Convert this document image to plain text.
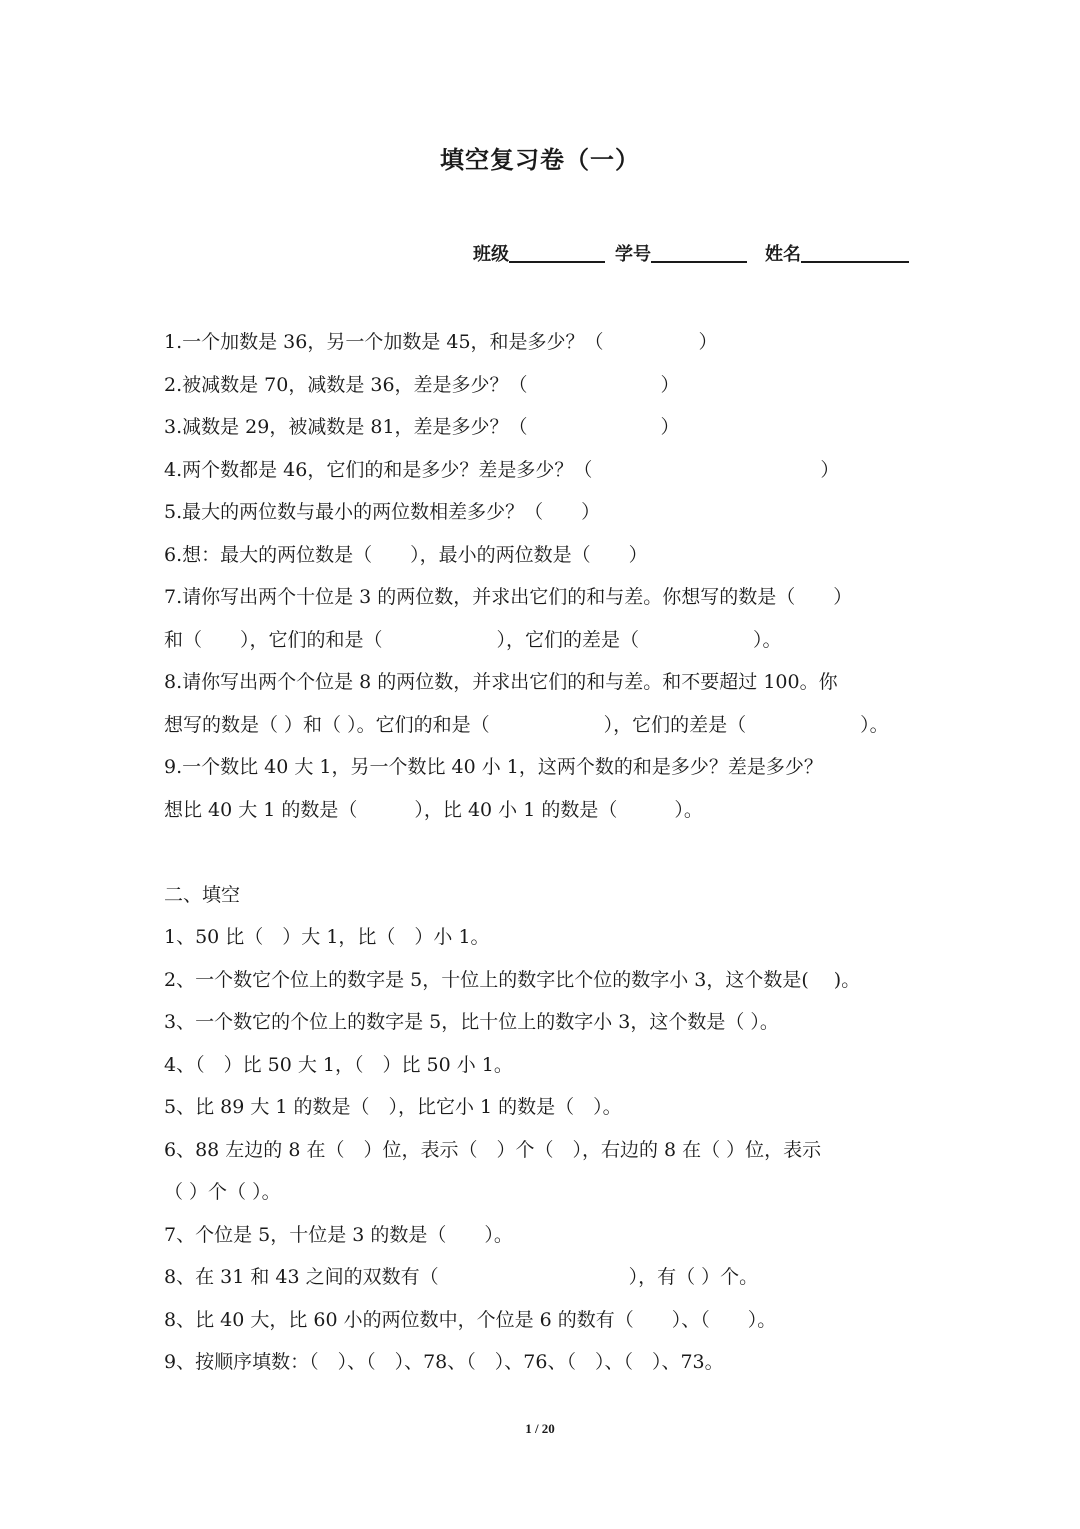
填空复习卷（一）
班级	学号	姓名
1.一个加数是 36，另一个加数是 45，和是多少？（　　　　　）
2.被减数是 70，减数是 36，差是多少？（　　　　　　　）
3.减数是 29，被减数是 81，差是多少？（　　　　　　　）
4.两个数都是 46，它们的和是多少？差是多少？（　　　　　　　　　　　　）
5.最大的两位数与最小的两位数相差多少？（　　）
6.想：最大的两位数是（　　），最小的两位数是（　　）
7.请你写出两个十位是 3 的两位数，并求出它们的和与差。你想写的数是（　　）
和（　　），它们的和是（　　　　　　），它们的差是（　　　　　　）。
8.请你写出两个个位是 8 的两位数，并求出它们的和与差。和不要超过 100。你
想写的数是（ ）和（ ）。它们的和是（　　　　　　），它们的差是（　　　　　　）。
9.一个数比 40 大 1，另一个数比 40 小 1，这两个数的和是多少？差是多少？
想比 40 大 1 的数是（　　　），比 40 小 1 的数是（　　　）。
二、填空
1、50 比（　）大 1，比（　）小 1。
2、一个数它个位上的数字是 5，十位上的数字比个位的数字小 3，这个数是(　 )。
3、一个数它的个位上的数字是 5，比十位上的数字小 3，这个数是（ ）。
4、（　）比 50 大 1，（　）比 50 小 1。
5、比 89 大 1 的数是（　），比它小 1 的数是（　）。
6、88 左边的 8 在（　）位，表示（　）个（　），右边的 8 在（ ）位，表示
（ ）个（ ）。
7、个位是 5，十位是 3 的数是（　　）。
8、在 31 和 43 之间的双数有（　　　　　　　　　　），有（ ）个。
8、比 40 大，比 60 小的两位数中，个位是 6 的数有（　　）、（　　）。
9、按顺序填数：（　）、（　）、78、（　）、76、（　）、（　）、73。
1 / 20
